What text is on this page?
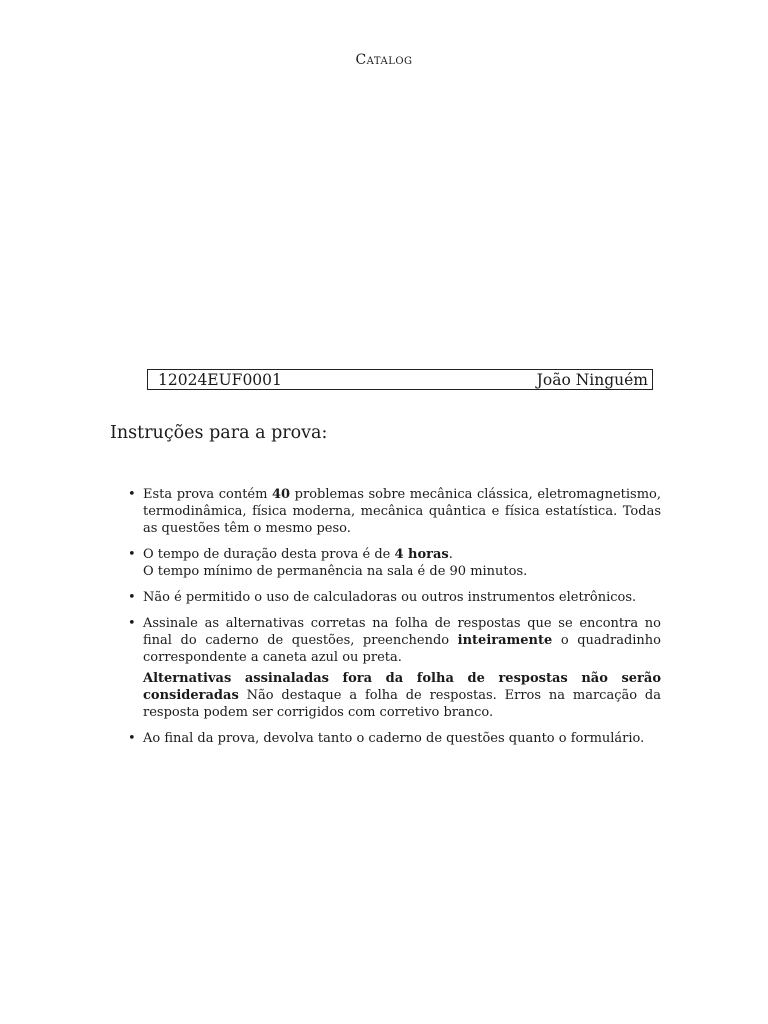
Catalog
12024EUF0001	João Ninguém
Instruções para a prova:
• Esta prova contém 40 problemas sobre mecânica clássica, eletromagnetismo, termodinâmica, física moderna, mecânica quântica e física estatística. Todas as questões têm o mesmo peso.

• O tempo de duração desta prova é de 4 horas.

O tempo mínimo de permanência na sala é de 90 minutos.

• Não é permitido o uso de calculadoras ou outros instrumentos eletrônicos.

• Assinale as alternativas corretas na folha de respostas que se encontra no final do caderno de questões, preenchendo inteiramente o quadradinho correspondente a caneta azul ou preta.

Alternativas assinaladas fora da folha de respostas não serão consideradas Não destaque a folha de respostas. Erros na marcação da resposta podem ser corrigidos com corretivo branco.

• Ao final da prova, devolva tanto o caderno de questões quanto o formulário.
